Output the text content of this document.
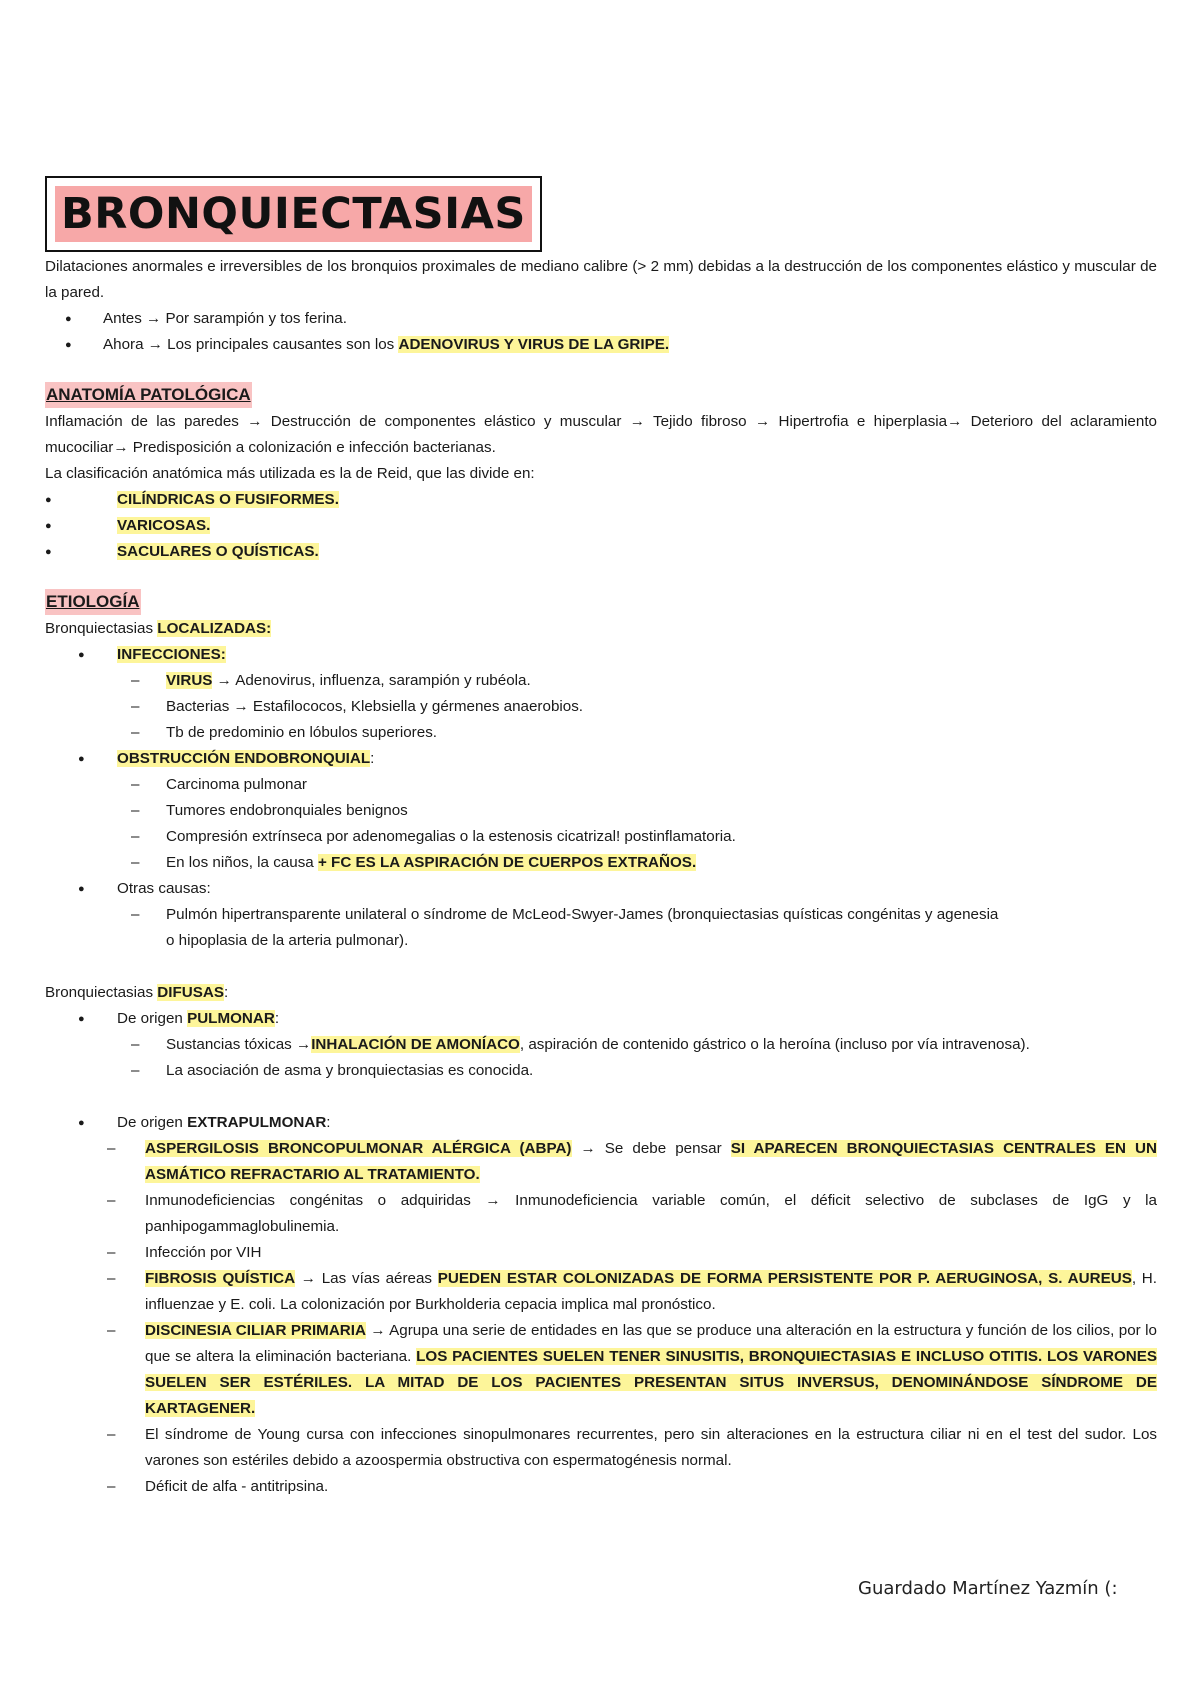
BRONQUIECTASIAS
Dilataciones anormales e irreversibles de los bronquios proximales de mediano calibre (> 2 mm) debidas a la destrucción de los componentes elástico y muscular de la pared.
● Antes → Por sarampión y tos ferina.
● Ahora → Los principales causantes son los ADENOVIRUS Y VIRUS DE LA GRIPE.
ANATOMÍA PATOLÓGICA
Inflamación de las paredes → Destrucción de componentes elástico y muscular → Tejido fibroso → Hipertrofia e hiperplasia→ Deterioro del aclaramiento mucociliar→ Predisposición a colonización e infección bacterianas.
La clasificación anatómica más utilizada es la de Reid, que las divide en:
● CILÍNDRICAS O FUSIFORMES.
● VARICOSAS.
● SACULARES O QUÍSTICAS.
ETIOLOGÍA
Bronquiectasias LOCALIZADAS:
● INFECCIONES:
– VIRUS → Adenovirus, influenza, sarampión y rubéola.
– Bacterias → Estafilococos, Klebsiella y gérmenes anaerobios.
– Tb de predominio en lóbulos superiores.
● OBSTRUCCIÓN ENDOBRONQUIAL:
– Carcinoma pulmonar
– Tumores endobronquiales benignos
– Compresión extrínseca por adenomegalias o la estenosis cicatrizal! postinflamatoria.
– En los niños, la causa + FC ES LA ASPIRACIÓN DE CUERPOS EXTRAÑOS.
● Otras causas:
– Pulmón hipertransparente unilateral o síndrome de McLeod-Swyer-James (bronquiectasias quísticas congénitas y agenesia o hipoplasia de la arteria pulmonar).
Bronquiectasias DIFUSAS:
● De origen PULMONAR:
– Sustancias tóxicas →INHALACIÓN DE AMONÍACO, aspiración de contenido gástrico o la heroína (incluso por vía intravenosa).
– La asociación de asma y bronquiectasias es conocida.
● De origen EXTRAPULMONAR:
– ASPERGILOSIS BRONCOPULMONAR ALÉRGICA (ABPA) → Se debe pensar SI APARECEN BRONQUIECTASIAS CENTRALES EN UN ASMÁTICO REFRACTARIO AL TRATAMIENTO.
– Inmunodeficiencias congénitas o adquiridas → Inmunodeficiencia variable común, el déficit selectivo de subclases de IgG y la panhipogammaglobulinemia.
– Infección por VIH
– FIBROSIS QUÍSTICA → Las vías aéreas PUEDEN ESTAR COLONIZADAS DE FORMA PERSISTENTE POR P. AERUGINOSA, S. AUREUS, H. influenzae y E. coli. La colonización por Burkholderia cepacia implica mal pronóstico.
– DISCINESIA CILIAR PRIMARIA → Agrupa una serie de entidades en las que se produce una alteración en la estructura y función de los cilios, por lo que se altera la eliminación bacteriana. LOS PACIENTES SUELEN TENER SINUSITIS, BRONQUIECTASIAS E INCLUSO OTITIS. LOS VARONES SUELEN SER ESTÉRILES. LA MITAD DE LOS PACIENTES PRESENTAN SITUS INVERSUS, DENOMINÁNDOSE SÍNDROME DE KARTAGENER.
– El síndrome de Young cursa con infecciones sinopulmonares recurrentes, pero sin alteraciones en la estructura ciliar ni en el test del sudor. Los varones son estériles debido a azoospermia obstructiva con espermatogénesis normal.
– Déficit de alfa - antitripsina.
Guardado Martínez Yazmín (:
